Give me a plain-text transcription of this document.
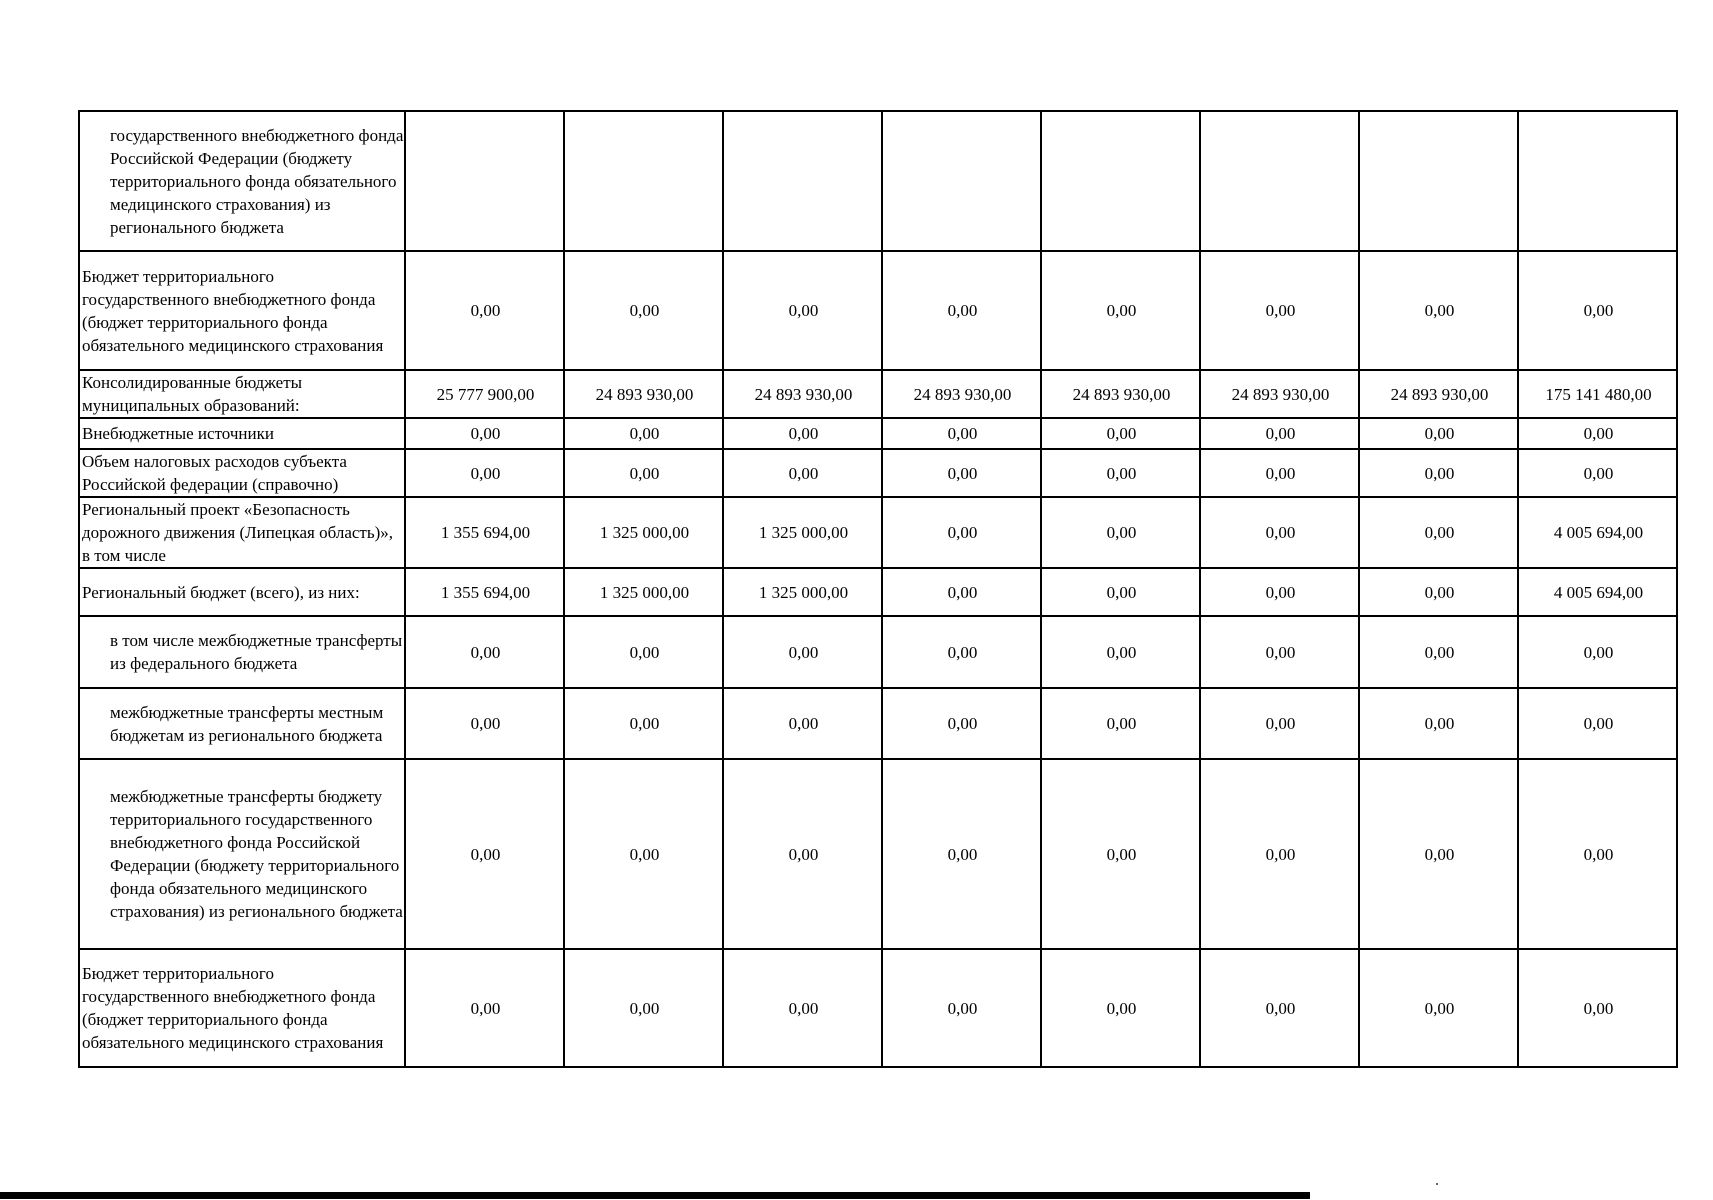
государственного внебюджетного фонда Российской Федерации (бюджету территориального фонда обязательного медицинского страхования) из регионального бюджета								
Бюджет территориального государственного внебюджетного фонда (бюджет территориального фонда обязательного медицинского страхования	0,00	0,00	0,00	0,00	0,00	0,00	0,00	0,00
Консолидированные бюджеты муниципальных образований:	25 777 900,00	24 893 930,00	24 893 930,00	24 893 930,00	24 893 930,00	24 893 930,00	24 893 930,00	175 141 480,00
Внебюджетные источники	0,00	0,00	0,00	0,00	0,00	0,00	0,00	0,00
Объем налоговых расходов субъекта Российской федерации (справочно)	0,00	0,00	0,00	0,00	0,00	0,00	0,00	0,00
Региональный проект «Безопасность дорожного движения (Липецкая область)», в том числе	1 355 694,00	1 325 000,00	1 325 000,00	0,00	0,00	0,00	0,00	4 005 694,00
Региональный бюджет (всего), из них:	1 355 694,00	1 325 000,00	1 325 000,00	0,00	0,00	0,00	0,00	4 005 694,00
в том числе межбюджетные трансферты из федерального бюджета	0,00	0,00	0,00	0,00	0,00	0,00	0,00	0,00
межбюджетные трансферты местным бюджетам из регионального бюджета	0,00	0,00	0,00	0,00	0,00	0,00	0,00	0,00
межбюджетные трансферты бюджету территориального государственного внебюджетного фонда Российской Федерации (бюджету территориального фонда обязательного медицинского страхования) из регионального бюджета	0,00	0,00	0,00	0,00	0,00	0,00	0,00	0,00
Бюджет территориального государственного внебюджетного фонда (бюджет территориального фонда обязательного медицинского страхования	0,00	0,00	0,00	0,00	0,00	0,00	0,00	0,00
